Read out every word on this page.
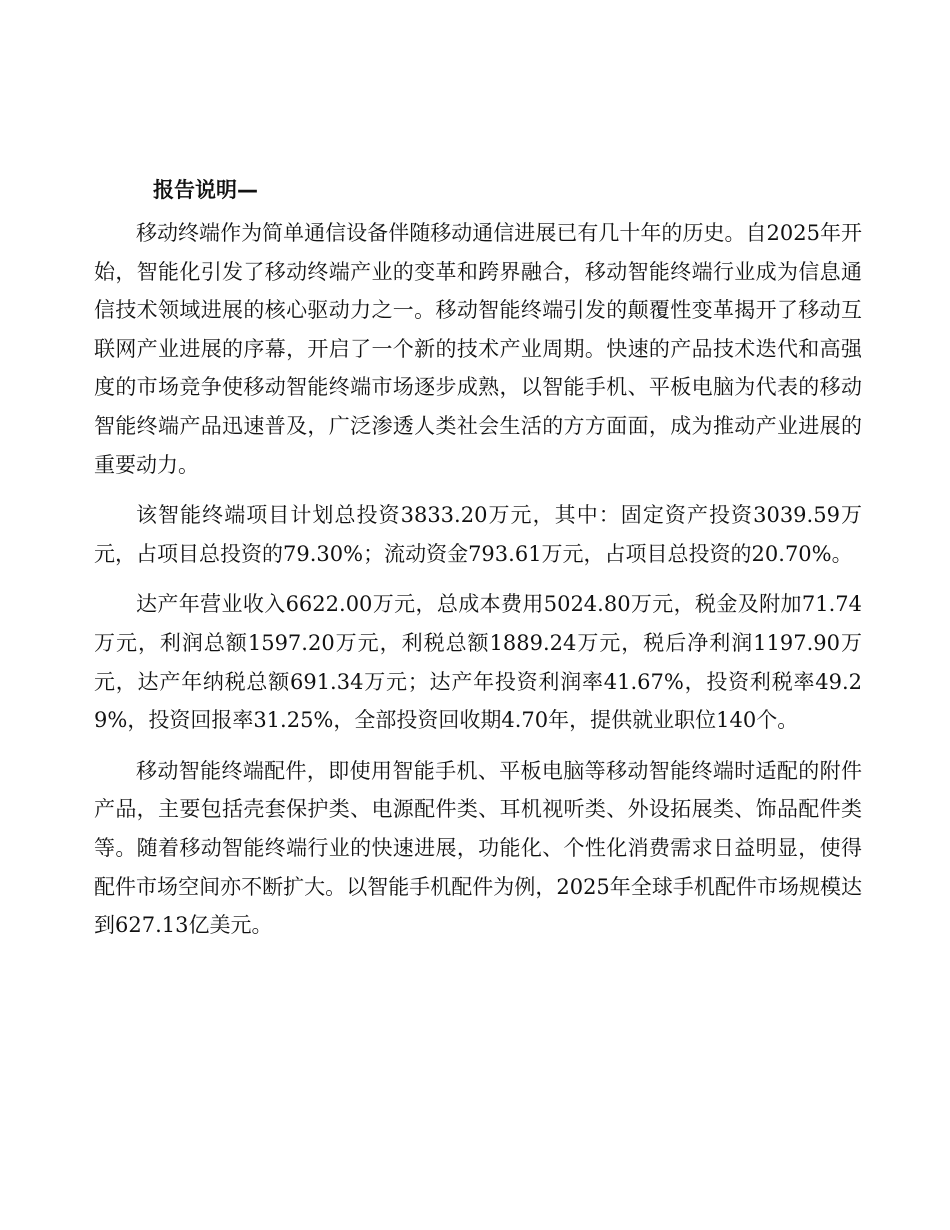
报告说明—

移动终端作为简单通信设备伴随移动通信进展已有几十年的历史。自2025年开始，智能化引发了移动终端产业的变革和跨界融合，移动智能终端行业成为信息通信技术领域进展的核心驱动力之一。移动智能终端引发的颠覆性变革揭开了移动互联网产业进展的序幕，开启了一个新的技术产业周期。快速的产品技术迭代和高强度的市场竞争使移动智能终端市场逐步成熟，以智能手机、平板电脑为代表的移动智能终端产品迅速普及，广泛渗透人类社会生活的方方面面，成为推动产业进展的重要动力。

该智能终端项目计划总投资3833.20万元，其中：固定资产投资3039.59万元，占项目总投资的79.30%；流动资金793.61万元，占项目总投资的20.70%。

达产年营业收入6622.00万元，总成本费用5024.80万元，税金及附加71.74万元，利润总额1597.20万元，利税总额1889.24万元，税后净利润1197.90万元，达产年纳税总额691.34万元；达产年投资利润率41.67%，投资利税率49.29%，投资回报率31.25%，全部投资回收期4.70年，提供就业职位140个。

移动智能终端配件，即使用智能手机、平板电脑等移动智能终端时适配的附件产品，主要包括壳套保护类、电源配件类、耳机视听类、外设拓展类、饰品配件类等。随着移动智能终端行业的快速进展，功能化、个性化消费需求日益明显，使得配件市场空间亦不断扩大。以智能手机配件为例，2025年全球手机配件市场规模达到627.13亿美元。
